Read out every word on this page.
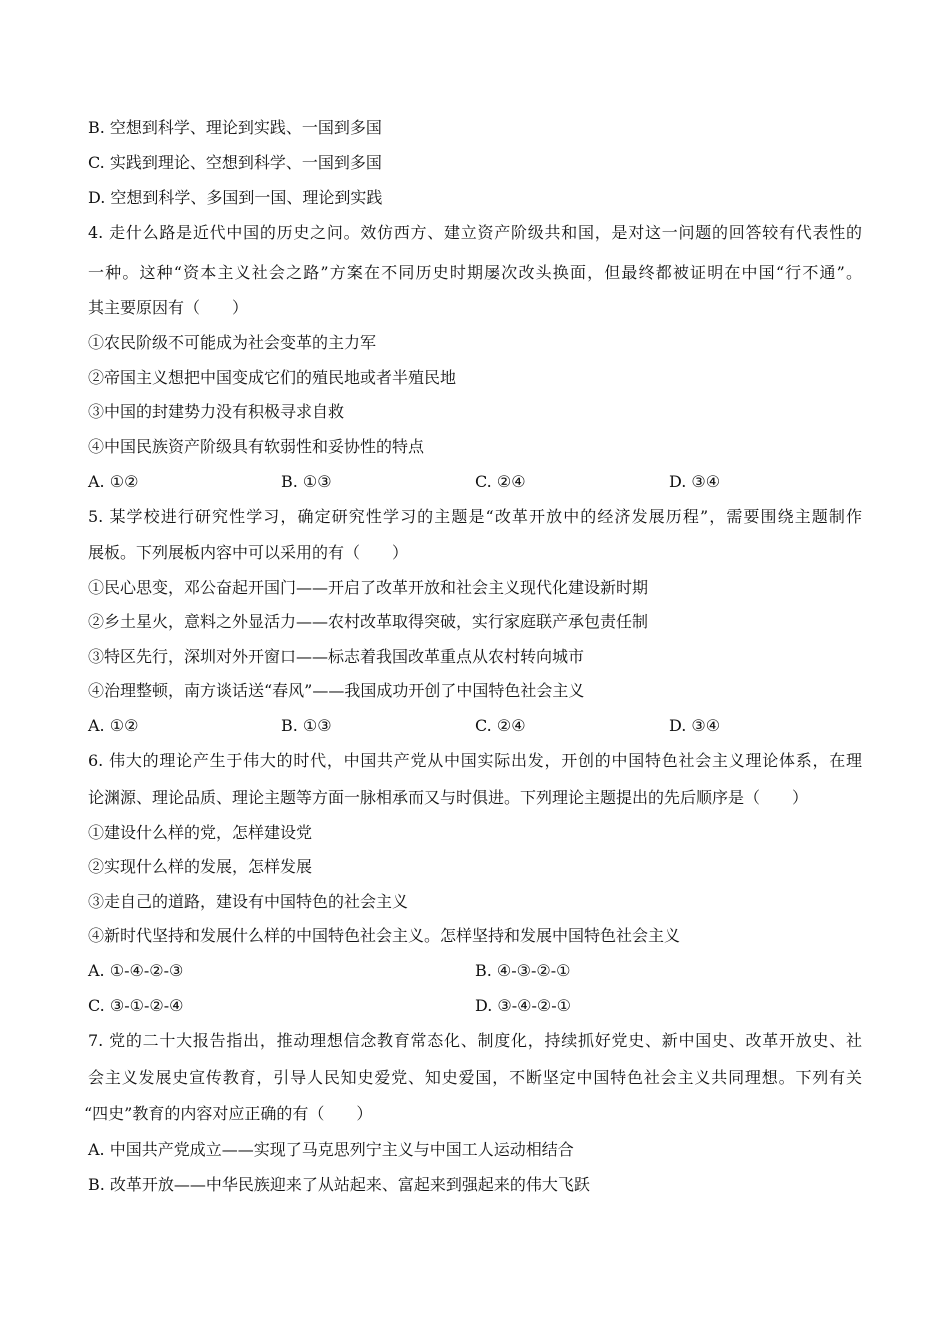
B. 空想到科学、理论到实践、一国到多国
C. 实践到理论、空想到科学、一国到多国
D. 空想到科学、多国到一国、理论到实践
4. 走什么路是近代中国的历史之问。效仿西方、建立资产阶级共和国，是对这一问题的回答较有代表性的
一种。这种“资本主义社会之路”方案在不同历史时期屡次改头换面，但最终都被证明在中国“行不通”。
其主要原因有（　　）
①农民阶级不可能成为社会变革的主力军
②帝国主义想把中国变成它们的殖民地或者半殖民地
③中国的封建势力没有积极寻求自救
④中国民族资产阶级具有软弱性和妥协性的特点
A. ①②	B. ①③	C. ②④	D. ③④
5. 某学校进行研究性学习，确定研究性学习的主题是“改革开放中的经济发展历程”，需要围绕主题制作
展板。下列展板内容中可以采用的有（　　）
①民心思变，邓公奋起开国门——开启了改革开放和社会主义现代化建设新时期
②乡土星火，意料之外显活力——农村改革取得突破，实行家庭联产承包责任制
③特区先行，深圳对外开窗口——标志着我国改革重点从农村转向城市
④治理整顿，南方谈话送“春风”——我国成功开创了中国特色社会主义
A. ①②	B. ①③	C. ②④	D. ③④
6. 伟大的理论产生于伟大的时代，中国共产党从中国实际出发，开创的中国特色社会主义理论体系，在理
论渊源、理论品质、理论主题等方面一脉相承而又与时俱进。下列理论主题提出的先后顺序是（　　）
①建设什么样的党，怎样建设党
②实现什么样的发展，怎样发展
③走自己的道路，建设有中国特色的社会主义
④新时代坚持和发展什么样的中国特色社会主义。怎样坚持和发展中国特色社会主义
A. ①-④-②-③	B. ④-③-②-①
C. ③-①-②-④	D. ③-④-②-①
7. 党的二十大报告指出，推动理想信念教育常态化、制度化，持续抓好党史、新中国史、改革开放史、社
会主义发展史宣传教育，引导人民知史爱党、知史爱国，不断坚定中国特色社会主义共同理想。下列有关
“四史”教育的内容对应正确的有（　　）
A. 中国共产党成立——实现了马克思列宁主义与中国工人运动相结合
B. 改革开放——中华民族迎来了从站起来、富起来到强起来的伟大飞跃
